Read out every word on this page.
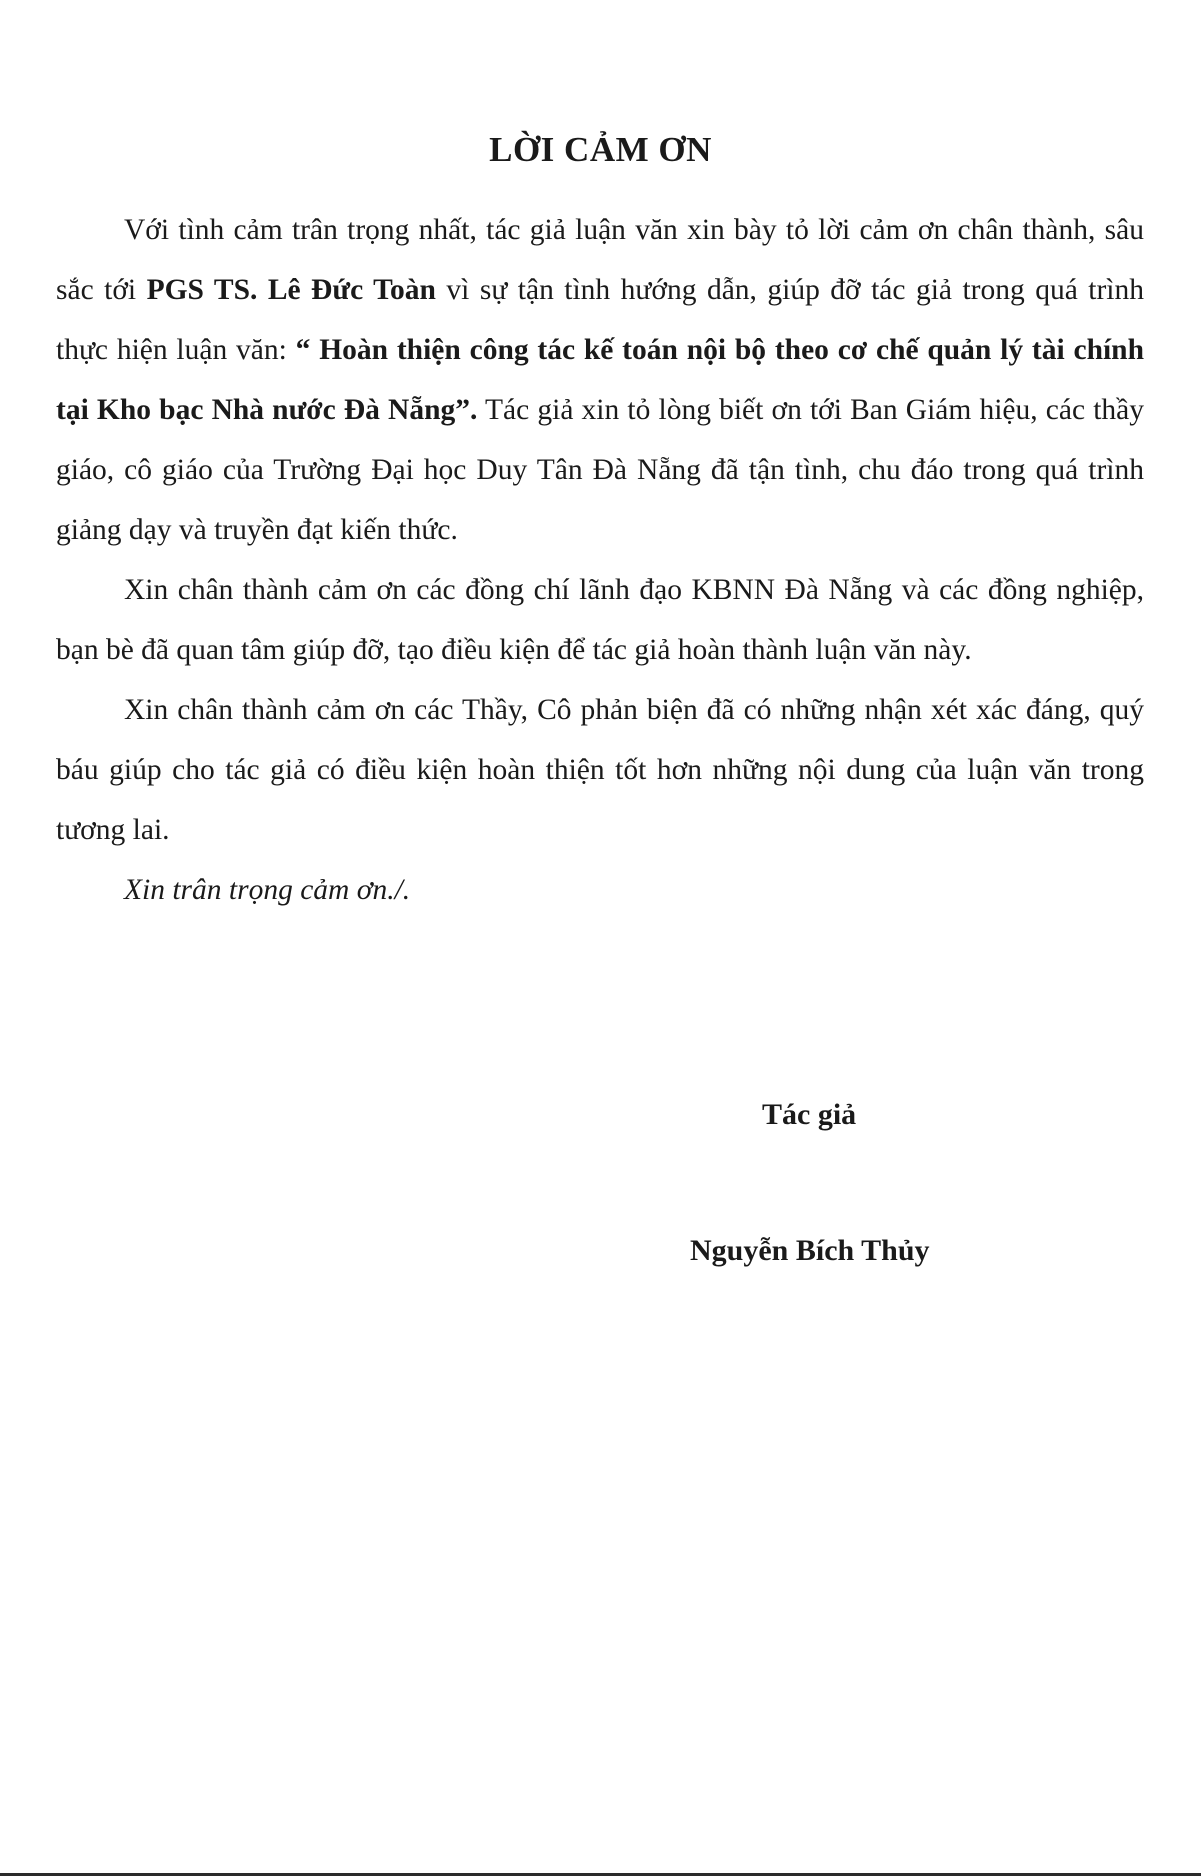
LỜI CẢM ƠN

Với tình cảm trân trọng nhất, tác giả luận văn xin bày tỏ lời cảm ơn chân thành, sâu sắc tới PGS TS. Lê Đức Toàn vì sự tận tình hướng dẫn, giúp đỡ tác giả trong quá trình thực hiện luận văn: “ Hoàn thiện công tác kế toán nội bộ theo cơ chế quản lý tài chính tại Kho bạc Nhà nước Đà Nẵng”. Tác giả xin tỏ lòng biết ơn tới Ban Giám hiệu, các thầy giáo, cô giáo của Trường Đại học Duy Tân Đà Nẵng đã tận tình, chu đáo trong quá trình giảng dạy và truyền đạt kiến thức.

Xin chân thành cảm ơn các đồng chí lãnh đạo KBNN Đà Nẵng và các đồng nghiệp, bạn bè đã quan tâm giúp đỡ, tạo điều kiện để tác giả hoàn thành luận văn này.

Xin chân thành cảm ơn các Thầy, Cô phản biện đã có những nhận xét xác đáng, quý báu giúp cho tác giả có điều kiện hoàn thiện tốt hơn những nội dung của luận văn trong tương lai.

Xin trân trọng cảm ơn./.

Tác giả
Nguyễn Bích Thủy
